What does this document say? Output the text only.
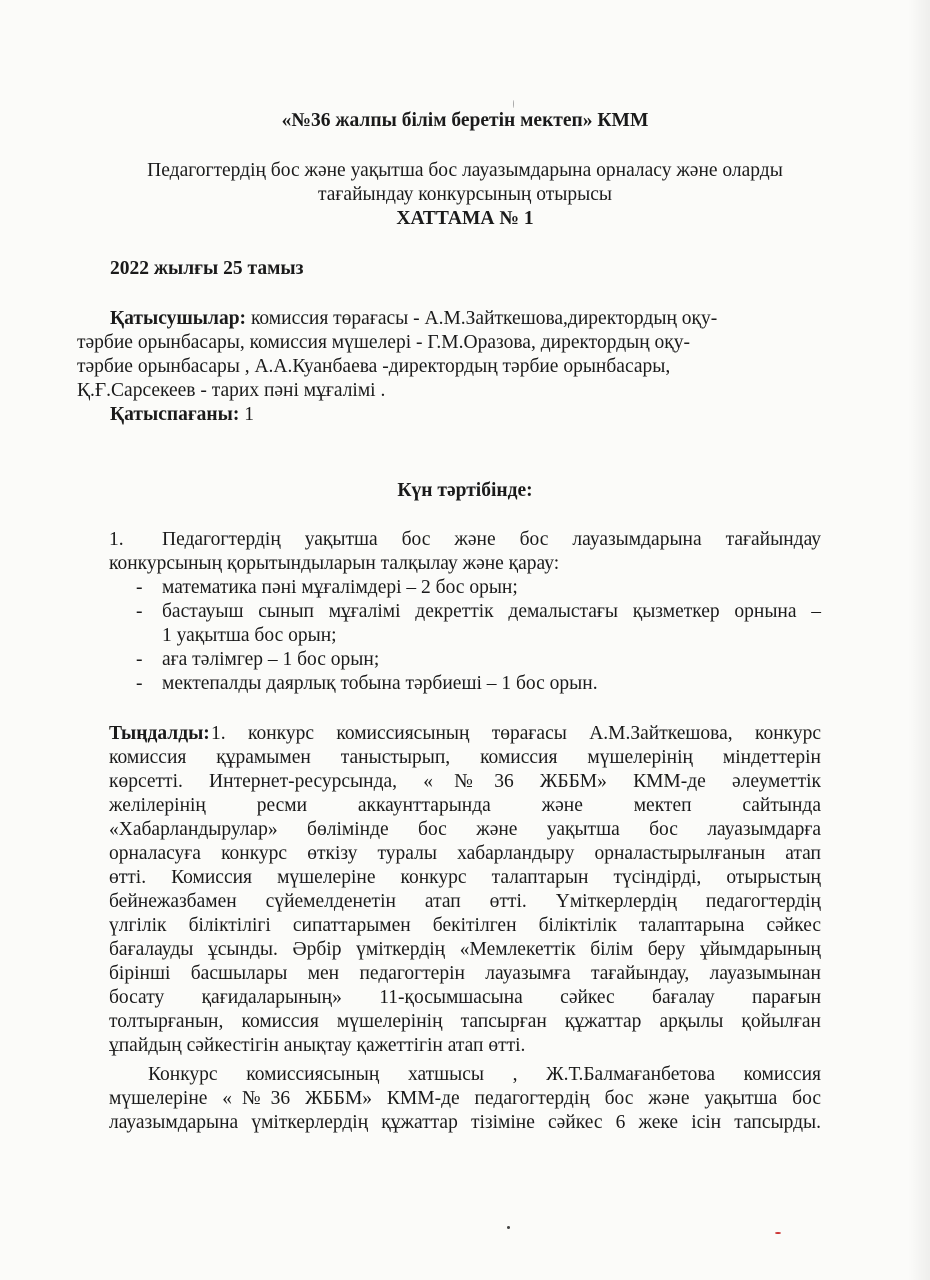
«№36 жалпы білім беретін мектеп» КММ
Педагогтердің бос және уақытша бос лауазымдарына орналасу және оларды
тағайындау конкурсының отырысы
ХАТТАМА № 1
2022 жылғы 25 тамыз
Қатысушылар: комиссия төрағасы - А.М.Зайткешова,директордың оқу-
тәрбие орынбасары, комиссия мүшелері - Г.М.Оразова, директордың оқу-
тәрбие орынбасары , А.А.Куанбаева -директордың тәрбие орынбасары,
Қ.Ғ.Сарсекеев - тарих пәні мұғалімі .
Қатыспағаны: 1
Күн тәртібінде:
1. Педагогтердің уақытша бос және бос лауазымдарына тағайындау
конкурсының қорытындыларын талқылау және қарау:
- математика пәні мұғалімдері – 2 бос орын;
- бастауыш сынып мұғалімі декреттік демалыстағы қызметкер орнына –
1 уақытша бос орын;
- аға тәлімгер – 1 бос орын;
- мектепалды даярлық тобына тәрбиеші – 1 бос орын.
Тыңдалды: 1. конкурс комиссиясының төрағасы А.М.Зайткешова, конкурс
комиссия құрамымен таныстырып, комиссия мүшелерінің міндеттерін
көрсетті. Интернет-ресурсында, «№36 ЖББМ» КММ-де әлеуметтік
желілерінің ресми аккаунттарында және мектеп сайтында
«Хабарландырулар» бөлімінде бос және уақытша бос лауазымдарға
орналасуға конкурс өткізу туралы хабарландыру орналастырылғанын атап
өтті. Комиссия мүшелеріне конкурс талаптарын түсіндірді, отырыстың
бейнежазбамен сүйемелденетін атап өтті. Үміткерлердің педагогтердің
үлгілік біліктілігі сипаттарымен бекітілген біліктілік талаптарына сәйкес
бағалауды ұсынды. Әрбір үміткердің «Мемлекеттік білім беру ұйымдарының
бірінші басшылары мен педагогтерін лауазымға тағайындау, лауазымынан
босату қағидаларының» 11-қосымшасына сәйкес бағалау парағын
толтырғанын, комиссия мүшелерінің тапсырған құжаттар арқылы қойылған
ұпайдың сәйкестігін анықтау қажеттігін атап өтті.
Конкурс комиссиясының хатшысы , Ж.Т.Балмағанбетова комиссия
мүшелеріне «№36 ЖББМ» КММ-де педагогтердің бос және уақытша бос
лауазымдарына үміткерлердің құжаттар тізіміне сәйкес 6 жеке ісін тапсырды.
